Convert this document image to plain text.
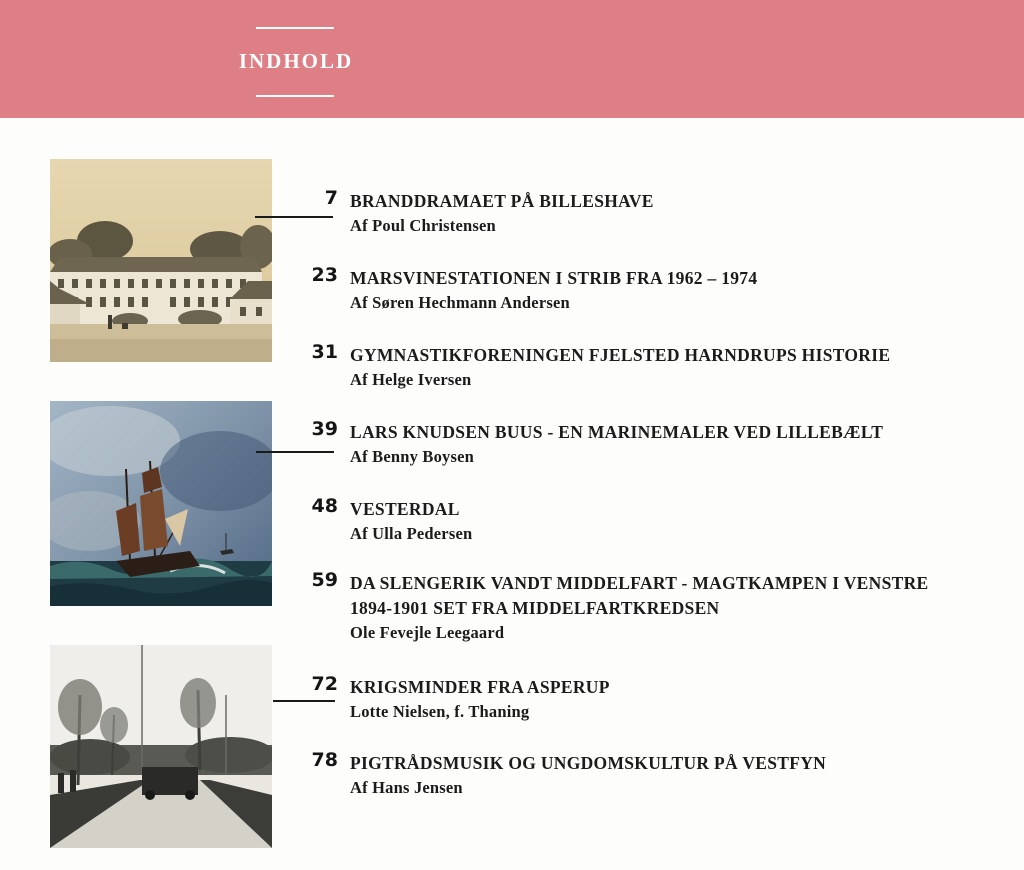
INDHOLD
7 BRANDDRAMAET PÅ BILLESHAVE
Af Poul Christensen
23 MARSVINESTATIONEN I STRIB FRA 1962 – 1974
Af Søren Hechmann Andersen
31 GYMNASTIKFORENINGEN FJELSTED HARNDRUPS HISTORIE
Af Helge Iversen
39 LARS KNUDSEN BUUS - EN MARINEMALER VED LILLEBÆLT
Af Benny Boysen
48 VESTERDAL
Af Ulla Pedersen
59 DA SLENGERIK VANDT MIDDELFART - MAGTKAMPEN I VENSTRE
1894-1901 SET FRA MIDDELFARTKREDSEN
Ole Fevejle Leegaard
72 KRIGSMINDER FRA ASPERUP
Lotte Nielsen, f. Thaning
78 PIGTRÅDSMUSIK OG UNGDOMSKULTUR PÅ VESTFYN
Af Hans Jensen
